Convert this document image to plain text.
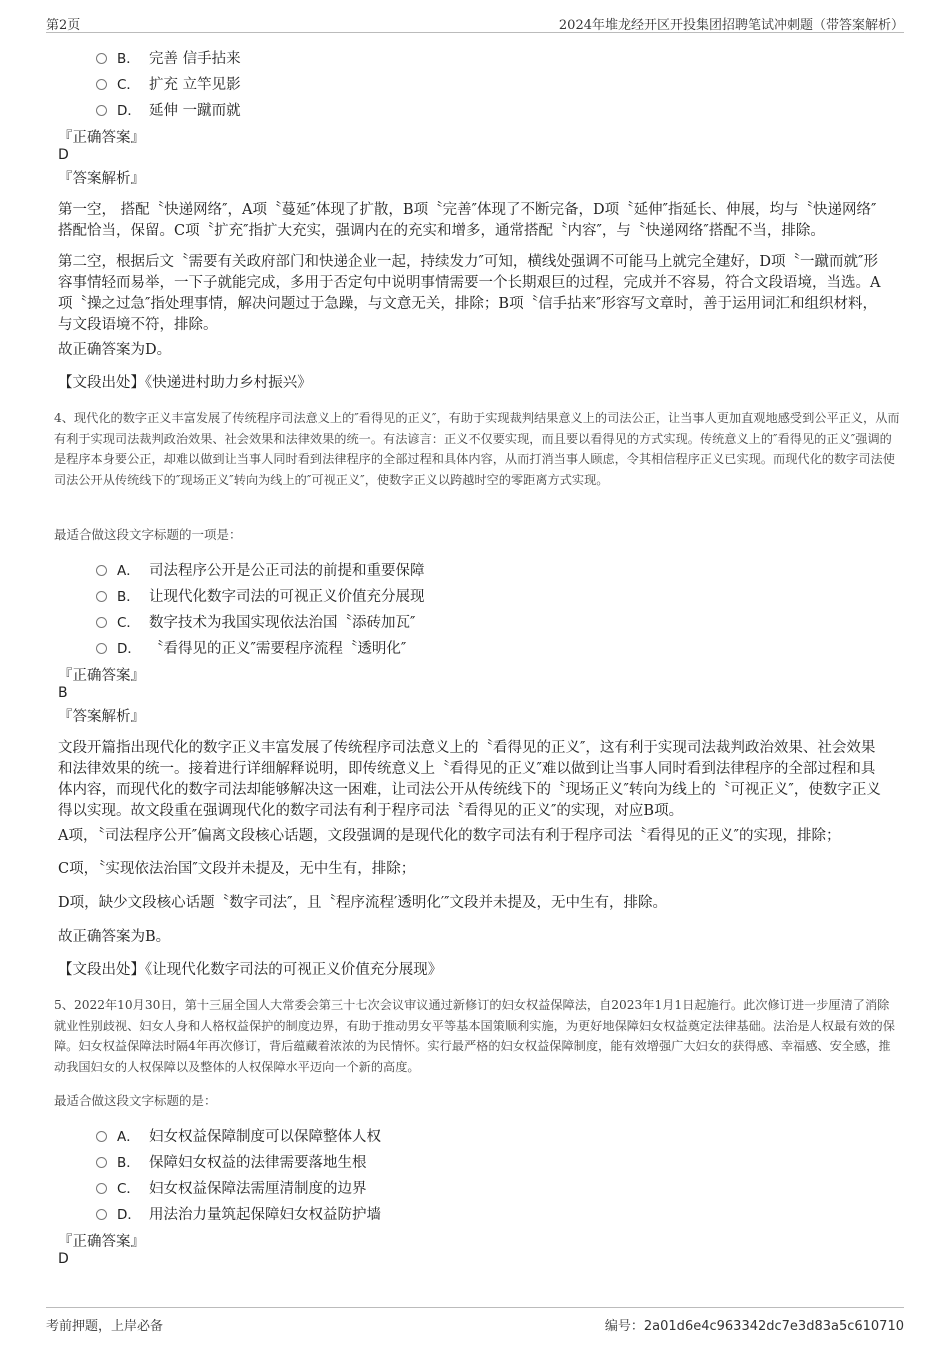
第2页	2024年堆龙经开区开投集团招聘笔试冲刺题（带答案解析）
B． 完善 信手拈来
C． 扩充 立竿见影
D． 延伸 一蹴而就
『正确答案』
D
『答案解析』
第一空， 搭配〝快递网络″，A项〝蔓延″体现了扩散，B项〝完善″体现了不断完备，D项〝延伸″指延长、伸展，均与〝快递网络″搭配恰当，保留。C项〝扩充″指扩大充实，强调内在的充实和增多，通常搭配〝内容″，与〝快递网络″搭配不当，排除。
第二空，根据后文〝需要有关政府部门和快递企业一起，持续发力″可知，横线处强调不可能马上就完全建好，D项〝一蹴而就″形容事情轻而易举，一下子就能完成，多用于否定句中说明事情需要一个长期艰巨的过程，完成并不容易，符合文段语境，当选。A项〝操之过急″指处理事情，解决问题过于急躁，与文意无关，排除；B项〝信手拈来″形容写文章时，善于运用词汇和组织材料，与文段语境不符，排除。
故正确答案为D。
【文段出处】《快递进村助力乡村振兴》
4、现代化的数字正义丰富发展了传统程序司法意义上的″看得见的正义″，有助于实现裁判结果意义上的司法公正，让当事人更加直观地感受到公平正义，从而有利于实现司法裁判政治效果、社会效果和法律效果的统一。有法谚言：正义不仅要实现，而且要以看得见的方式实现。传统意义上的″看得见的正义″强调的是程序本身要公正，却难以做到让当事人同时看到法律程序的全部过程和具体内容，从而打消当事人顾虑，令其相信程序正义已实现。而现代化的数字司法使司法公开从传统线下的″现场正义″转向为线上的″可视正义″，使数字正义以跨越时空的零距离方式实现。
最适合做这段文字标题的一项是：
A． 司法程序公开是公正司法的前提和重要保障
B． 让现代化数字司法的可视正义价值充分展现
C． 数字技术为我国实现依法治国〝添砖加瓦″
D． 〝看得见的正义″需要程序流程〝透明化″
『正确答案』
B
『答案解析』
文段开篇指出现代化的数字正义丰富发展了传统程序司法意义上的〝看得见的正义″，这有利于实现司法裁判政治效果、社会效果和法律效果的统一。接着进行详细解释说明，即传统意义上〝看得见的正义″难以做到让当事人同时看到法律程序的全部过程和具体内容，而现代化的数字司法却能够解决这一困难，让司法公开从传统线下的〝现场正义″转向为线上的〝可视正义″，使数字正义得以实现。故文段重在强调现代化的数字司法有利于程序司法〝看得见的正义″的实现，对应B项。
A项，〝司法程序公开″偏离文段核心话题，文段强调的是现代化的数字司法有利于程序司法〝看得见的正义″的实现，排除；
C项，〝实现依法治国″文段并未提及，无中生有，排除；
D项，缺少文段核心话题〝数字司法″，且〝程序流程′透明化′″文段并未提及，无中生有，排除。
故正确答案为B。
【文段出处】《让现代化数字司法的可视正义价值充分展现》
5、2022年10月30日，第十三届全国人大常委会第三十七次会议审议通过新修订的妇女权益保障法，自2023年1月1日起施行。此次修订进一步厘清了消除就业性别歧视、妇女人身和人格权益保护的制度边界，有助于推动男女平等基本国策顺利实施，为更好地保障妇女权益奠定法律基础。法治是人权最有效的保障。妇女权益保障法时隔4年再次修订，背后蕴藏着浓浓的为民情怀。实行最严格的妇女权益保障制度，能有效增强广大妇女的获得感、幸福感、安全感，推动我国妇女的人权保障以及整体的人权保障水平迈向一个新的高度。
最适合做这段文字标题的是：
A． 妇女权益保障制度可以保障整体人权
B． 保障妇女权益的法律需要落地生根
C． 妇女权益保障法需厘清制度的边界
D． 用法治力量筑起保障妇女权益防护墙
『正确答案』
D
考前押题，上岸必备	编号：2a01d6e4c963342dc7e3d83a5c610710
